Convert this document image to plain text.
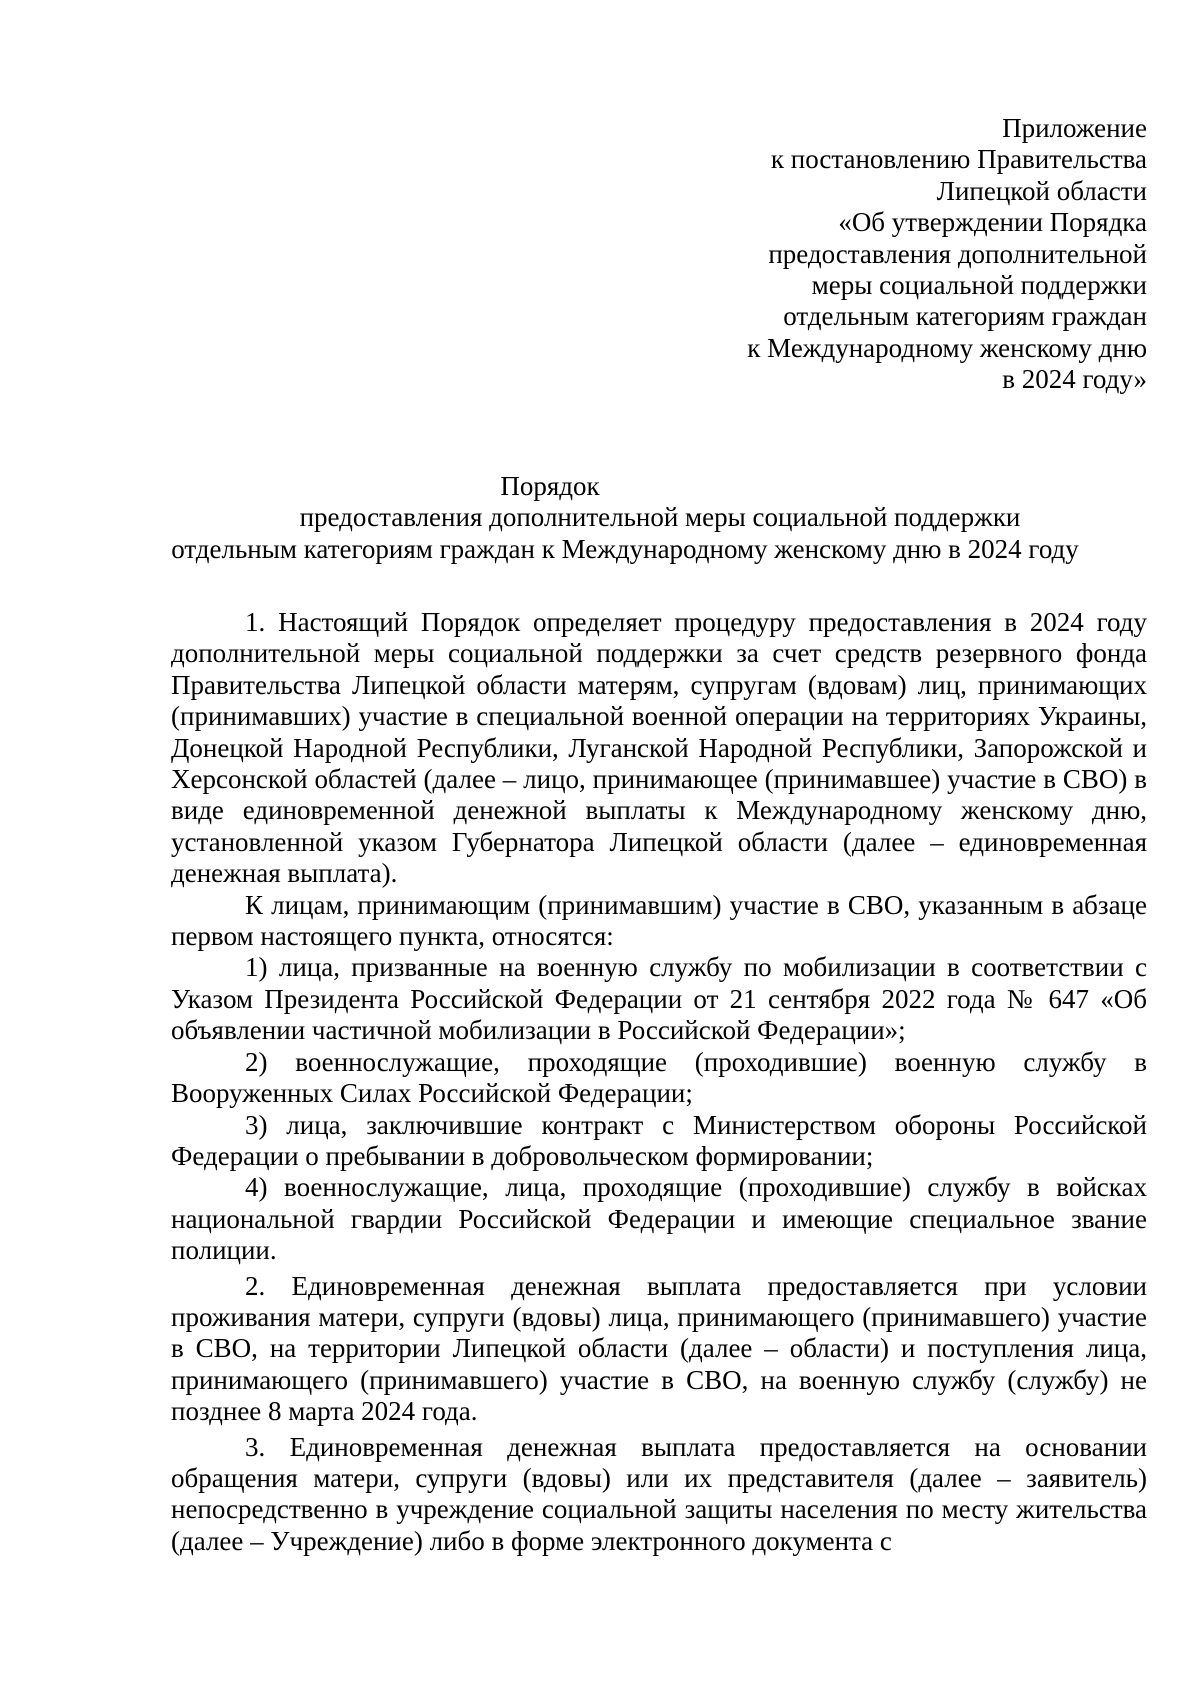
Приложение
к постановлению Правительства
Липецкой области
«Об утверждении Порядка
предоставления дополнительной
меры социальной поддержки
отдельным категориям граждан
к Международному женскому дню
в 2024 году»
Порядок
предоставления дополнительной меры социальной поддержки
отдельным категориям граждан к Международному женскому дню в 2024 году

1. Настоящий Порядок определяет процедуру предоставления в 2024 году дополнительной меры социальной поддержки за счет средств резервного фонда Правительства Липецкой области матерям, супругам (вдовам) лиц, принимающих (принимавших) участие в специальной военной операции на территориях Украины, Донецкой Народной Республики, Луганской Народной Республики, Запорожской и Херсонской областей (далее – лицо, принимающее (принимавшее) участие в СВО) в виде единовременной денежной выплаты к Международному женскому дню, установленной указом Губернатора Липецкой области (далее – единовременная денежная выплата).

К лицам, принимающим (принимавшим) участие в СВО, указанным в абзаце первом настоящего пункта, относятся:

1) лица, призванные на военную службу по мобилизации в соответствии с Указом Президента Российской Федерации от 21 сентября 2022 года № 647 «Об объявлении частичной мобилизации в Российской Федерации»;

2) военнослужащие, проходящие (проходившие) военную службу в Вооруженных Силах Российской Федерации;

3) лица, заключившие контракт с Министерством обороны Российской Федерации о пребывании в добровольческом формировании;

4) военнослужащие, лица, проходящие (проходившие) службу в войсках национальной гвардии Российской Федерации и имеющие специальное звание полиции.

2. Единовременная денежная выплата предоставляется при условии проживания матери, супруги (вдовы) лица, принимающего (принимавшего) участие в СВО, на территории Липецкой области (далее – области) и поступления лица, принимающего (принимавшего) участие в СВО, на военную службу (службу) не позднее 8 марта 2024 года.

3. Единовременная денежная выплата предоставляется на основании обращения матери, супруги (вдовы) или их представителя (далее – заявитель) непосредственно в учреждение социальной защиты населения по месту жительства (далее – Учреждение) либо в форме электронного документа с
